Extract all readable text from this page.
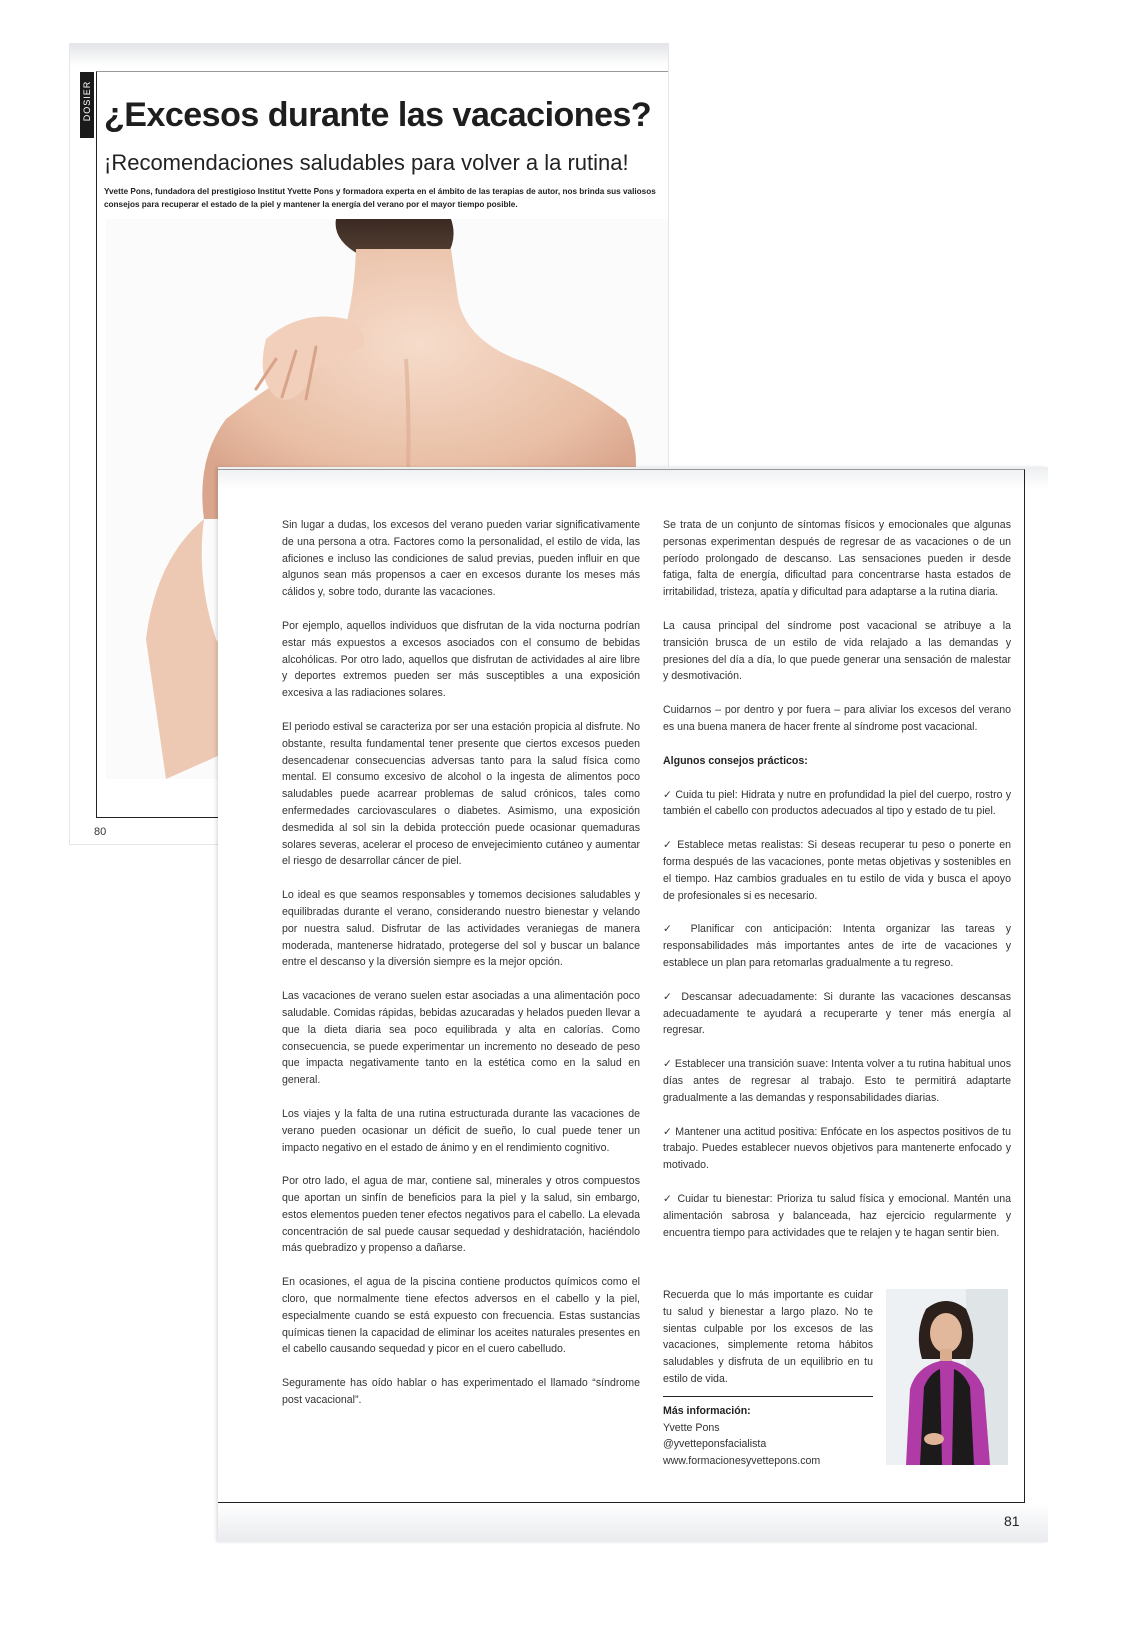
DOSIER ¿Excesos durante las vacaciones?
¡Recomendaciones saludables para volver a la rutina!
Yvette Pons, fundadora del prestigioso Institut Yvette Pons y formadora experta en el ámbito de las terapias de autor, nos brinda sus valiosos consejos para recuperar el estado de la piel y mantener la energía del verano por el mayor tiempo posible.
80

Sin lugar a dudas, los excesos del verano pueden variar significativamente de una persona a otra. Factores como la personalidad, el estilo de vida, las aficiones e incluso las condiciones de salud previas, pueden influir en que algunos sean más propensos a caer en excesos durante los meses más cálidos y, sobre todo, durante las vacaciones.

Por ejemplo, aquellos individuos que disfrutan de la vida nocturna podrían estar más expuestos a excesos asociados con el consumo de bebidas alcohólicas. Por otro lado, aquellos que disfrutan de actividades al aire libre y deportes extremos pueden ser más susceptibles a una exposición excesiva a las radiaciones solares.

El periodo estival se caracteriza por ser una estación propicia al disfrute. No obstante, resulta fundamental tener presente que ciertos excesos pueden desencadenar consecuencias adversas tanto para la salud física como mental. El consumo excesivo de alcohol o la ingesta de alimentos poco saludables puede acarrear problemas de salud crónicos, tales como enfermedades carciovasculares o diabetes. Asimismo, una exposición desmedida al sol sin la debida protección puede ocasionar quemaduras solares severas, acelerar el proceso de envejecimiento cutáneo y aumentar el riesgo de desarrollar cáncer de piel.

Lo ideal es que seamos responsables y tomemos decisiones saludables y equilibradas durante el verano, considerando nuestro bienestar y velando por nuestra salud. Disfrutar de las actividades veraniegas de manera moderada, mantenerse hidratado, protegerse del sol y buscar un balance entre el descanso y la diversión siempre es la mejor opción.

Las vacaciones de verano suelen estar asociadas a una alimentación poco saludable. Comidas rápidas, bebidas azucaradas y helados pueden llevar a que la dieta diaria sea poco equilibrada y alta en calorías. Como consecuencia, se puede experimentar un incremento no deseado de peso que impacta negativamente tanto en la estética como en la salud en general.

Los viajes y la falta de una rutina estructurada durante las vacaciones de verano pueden ocasionar un déficit de sueño, lo cual puede tener un impacto negativo en el estado de ánimo y en el rendimiento cognitivo.

Por otro lado, el agua de mar, contiene sal, minerales y otros compuestos que aportan un sinfín de beneficios para la piel y la salud, sin embargo, estos elementos pueden tener efectos negativos para el cabello. La elevada concentración de sal puede causar sequedad y deshidratación, haciéndolo más quebradizo y propenso a dañarse.

En ocasiones, el agua de la piscina contiene productos químicos como el cloro, que normalmente tiene efectos adversos en el cabello y la piel, especialmente cuando se está expuesto con frecuencia. Estas sustancias químicas tienen la capacidad de eliminar los aceites naturales presentes en el cabello causando sequedad y picor en el cuero cabelludo.

Seguramente has oído hablar o has experimentado el llamado “síndrome post vacacional”.

Se trata de un conjunto de síntomas físicos y emocionales que algunas personas experimentan después de regresar de as vacaciones o de un período prolongado de descanso. Las sensaciones pueden ir desde fatiga, falta de energía, dificultad para concentrarse hasta estados de irritabilidad, tristeza, apatía y dificultad para adaptarse a la rutina diaria.

La causa principal del síndrome post vacacional se atribuye a la transición brusca de un estilo de vida relajado a las demandas y presiones del día a día, lo que puede generar una sensación de malestar y desmotivación.

Cuidarnos – por dentro y por fuera – para aliviar los excesos del verano es una buena manera de hacer frente al síndrome post vacacional.

Algunos consejos prácticos:

✓ Cuida tu piel: Hidrata y nutre en profundidad la piel del cuerpo, rostro y también el cabello con productos adecuados al tipo y estado de tu piel.

✓ Establece metas realistas: Si deseas recuperar tu peso o ponerte en forma después de las vacaciones, ponte metas objetivas y sostenibles en el tiempo. Haz cambios graduales en tu estilo de vida y busca el apoyo de profesionales si es necesario.

✓ Planificar con anticipación: Intenta organizar las tareas y responsabilidades más importantes antes de irte de vacaciones y establece un plan para retomarlas gradualmente a tu regreso.

✓ Descansar adecuadamente: Si durante las vacaciones descansas adecuadamente te ayudará a recuperarte y tener más energía al regresar.

✓ Establecer una transición suave: Intenta volver a tu rutina habitual unos días antes de regresar al trabajo. Esto te permitirá adaptarte gradualmente a las demandas y responsabilidades diarias.

✓ Mantener una actitud positiva: Enfócate en los aspectos positivos de tu trabajo. Puedes establecer nuevos objetivos para mantenerte enfocado y motivado.

✓ Cuidar tu bienestar: Prioriza tu salud física y emocional. Mantén una alimentación sabrosa y balanceada, haz ejercicio regularmente y encuentra tiempo para actividades que te relajen y te hagan sentir bien.

Recuerda que lo más importante es cuidar tu salud y bienestar a largo plazo. No te sientas culpable por los excesos de las vacaciones, simplemente retoma hábitos saludables y disfruta de un equilibrio en tu estilo de vida.

Más información:

Yvette Pons

@yvetteponsfacialista

www.formacionesyvettepons.com

81
